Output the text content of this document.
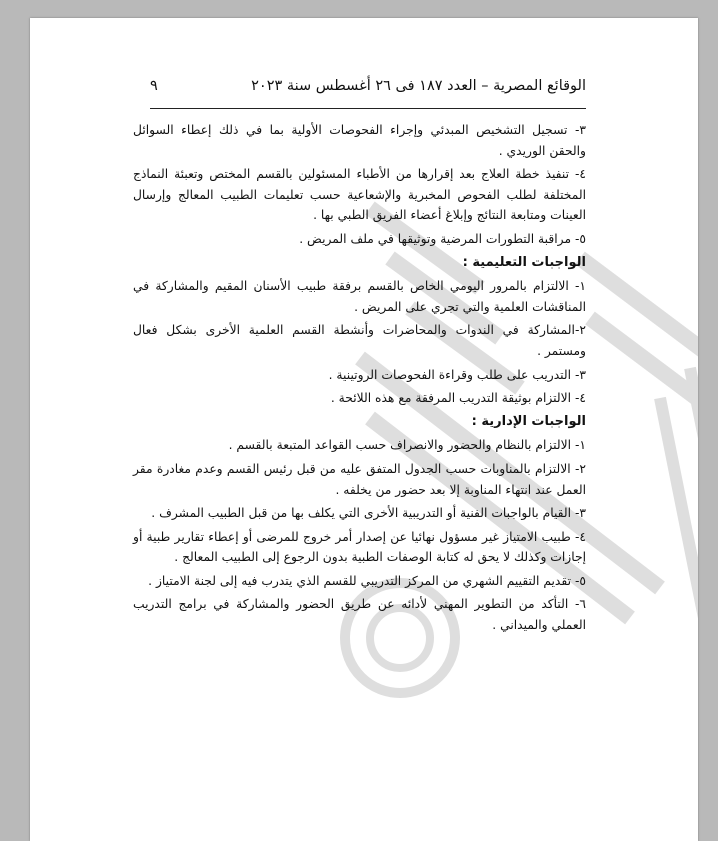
الوقائع المصرية – العدد ١٨٧ فى ٢٦ أغسطس سنة ٢٠٢٣
٩

٣- تسجيل التشخيص المبدئي وإجراء الفحوصات الأولية بما في ذلك إعطاء السوائل والحقن الوريدي .

٤- تنفيذ خطة العلاج بعد إقرارها من الأطباء المسئولين بالقسم المختص وتعبئة النماذج المختلفة لطلب الفحوص المخبرية والإشعاعية حسب تعليمات الطبيب المعالج وإرسال العينات ومتابعة النتائج وإبلاغ أعضاء الفريق الطبي بها .

٥- مراقبة التطورات المرضية وتوثيقها في ملف المريض .

الواجبات التعليمية :

١- الالتزام بالمرور اليومي الخاص بالقسم برفقة طبيب الأسنان المقيم والمشاركة في المناقشات العلمية والتي تجري على المريض .

٢-المشاركة في الندوات والمحاضرات وأنشطة القسم العلمية الأخرى بشكل فعال ومستمر .

٣- التدريب على طلب وقراءة الفحوصات الروتينية .

٤- الالتزام بوثيقة التدريب المرفقة مع هذه اللائحة .

الواجبات الإدارية :

١- الالتزام بالنظام والحضور والانصراف حسب القواعد المتبعة بالقسم .

٢- الالتزام بالمناوبات حسب الجدول المتفق عليه من قبل رئيس القسم وعدم مغادرة مقر العمل عند انتهاء المناوبة إلا بعد حضور من يخلفه .

٣- القيام بالواجبات الفنية أو التدريبية الأخرى التي يكلف بها من قبل الطبيب المشرف .

٤- طبيب الامتياز غير مسؤول نهائيا عن إصدار أمر خروج للمرضى أو إعطاء تقارير طبية أو إجازات وكذلك لا يحق له كتابة الوصفات الطبية بدون الرجوع إلى الطبيب المعالج .

٥- تقديم التقييم الشهري من المركز التدريبي للقسم الذي يتدرب فيه إلى لجنة الامتياز .

٦- التأكد من التطوير المهني لأدائه عن طريق الحضور والمشاركة في برامج التدريب العملي والميداني .
